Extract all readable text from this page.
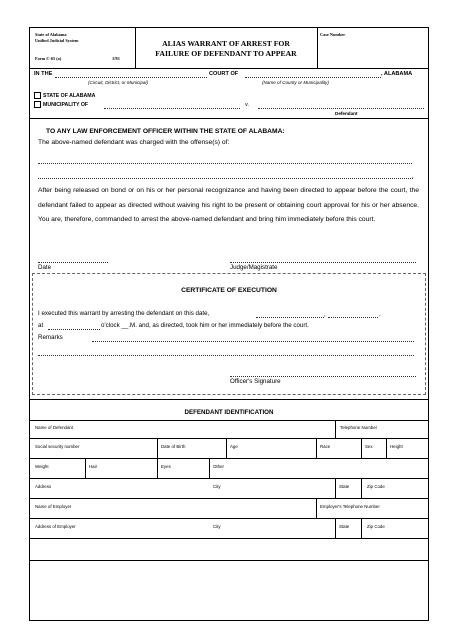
State of Alabama
Unified Judicial System
Form C-65 (a)	1/93
ALIAS WARRANT OF ARREST FOR
FAILURE OF DEFENDANT TO APPEAR
Case Number
IN THE	COURT OF	, ALABAMA
(Circuit, District, or Municipal)	(Name of County or Municipality)
STATE OF ALABAMA
MUNICIPALITY OF	v.
Defendant
TO ANY LAW ENFORCEMENT OFFICER WITHIN THE STATE OF ALABAMA:
The above-named defendant was charged with the offense(s) of:
.
After being released on bond or on his or her personal recognizance and having been directed to appear before the court, the defendant failed to appear as directed without waiving his right to be present or obtaining court approval for his or her absence. You are, therefore, commanded to arrest the above-named defendant and bring him immediately before this court.
Date	Judge/Magistrate
CERTIFICATE OF EXECUTION
I executed this warrant by arresting the defendant on this date,	,	.
at	o'clock __.M. and, as directed, took him or her immediately before the court.
Remarks
Officer's Signature
DEFENDANT IDENTIFICATION
Name of Defendant	Telephone Number
Social security number	Date of Birth	Age	Race	Sex	Height
Weight	Hair	Eyes	Other
Address	City	State	Zip Code
Name of Employer	Employer's Telephone Number
Address of Employer	City	State	Zip Code
